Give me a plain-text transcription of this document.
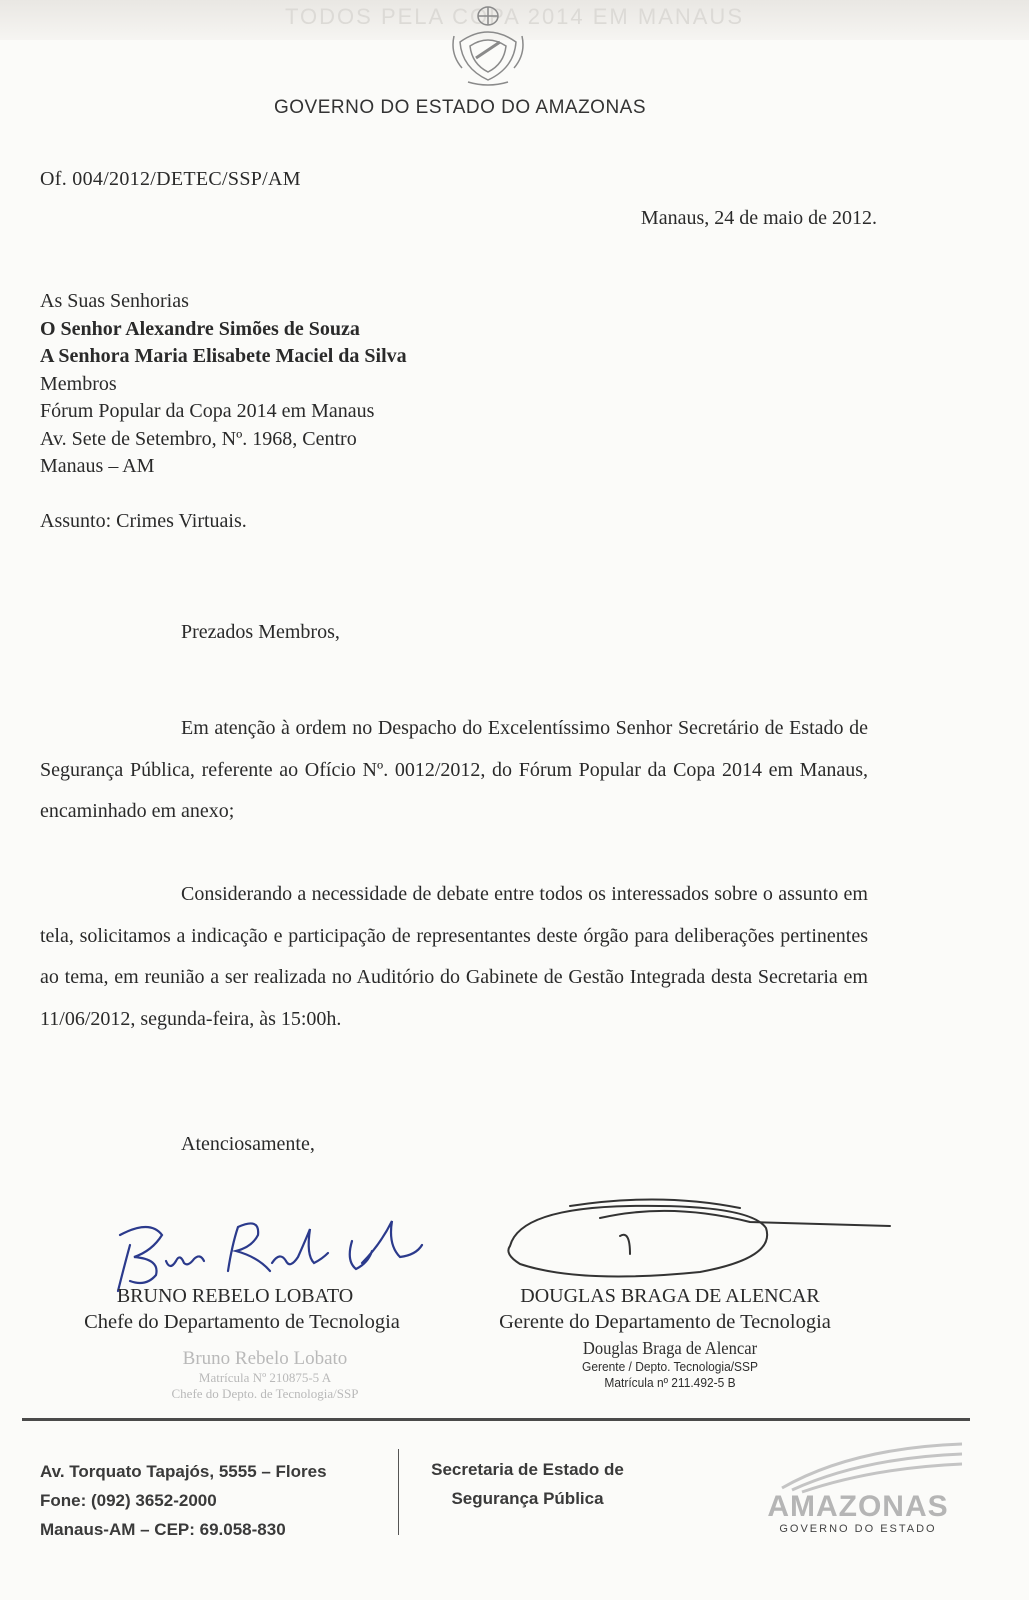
TODOS PELA COPA 2014 EM MANAUS
GOVERNO DO ESTADO DO AMAZONAS
Of. 004/2012/DETEC/SSP/AM
Manaus, 24 de maio de 2012.
As Suas Senhorias
O Senhor Alexandre Simões de Souza
A Senhora Maria Elisabete Maciel da Silva
Membros
Fórum Popular da Copa 2014 em Manaus
Av. Sete de Setembro, Nº. 1968, Centro
Manaus – AM
Assunto: Crimes Virtuais.
Prezados Membros,
Em atenção à ordem no Despacho do Excelentíssimo Senhor Secretário de Estado de Segurança Pública, referente ao Ofício Nº. 0012/2012, do Fórum Popular da Copa 2014 em Manaus, encaminhado em anexo;
Considerando a necessidade de debate entre todos os interessados sobre o assunto em tela, solicitamos a indicação e participação de representantes deste órgão para deliberações pertinentes ao tema, em reunião a ser realizada no Auditório do Gabinete de Gestão Integrada desta Secretaria em 11/06/2012, segunda-feira, às 15:00h.
Atenciosamente,
BRUNO REBELO LOBATO
Chefe do Departamento de Tecnologia
Bruno Rebelo Lobato
Matrícula Nº 210875-5 A
Chefe do Depto. de Tecnologia/SSP
DOUGLAS BRAGA DE ALENCAR
Gerente do Departamento de Tecnologia
Douglas Braga de Alencar
Gerente / Depto. Tecnologia/SSP
Matrícula nº 211.492-5 B
Av. Torquato Tapajós, 5555 – Flores
Fone: (092) 3652-2000
Manaus-AM – CEP: 69.058-830
Secretaria de Estado de
Segurança Pública	AMAZONAS
GOVERNO DO ESTADO
